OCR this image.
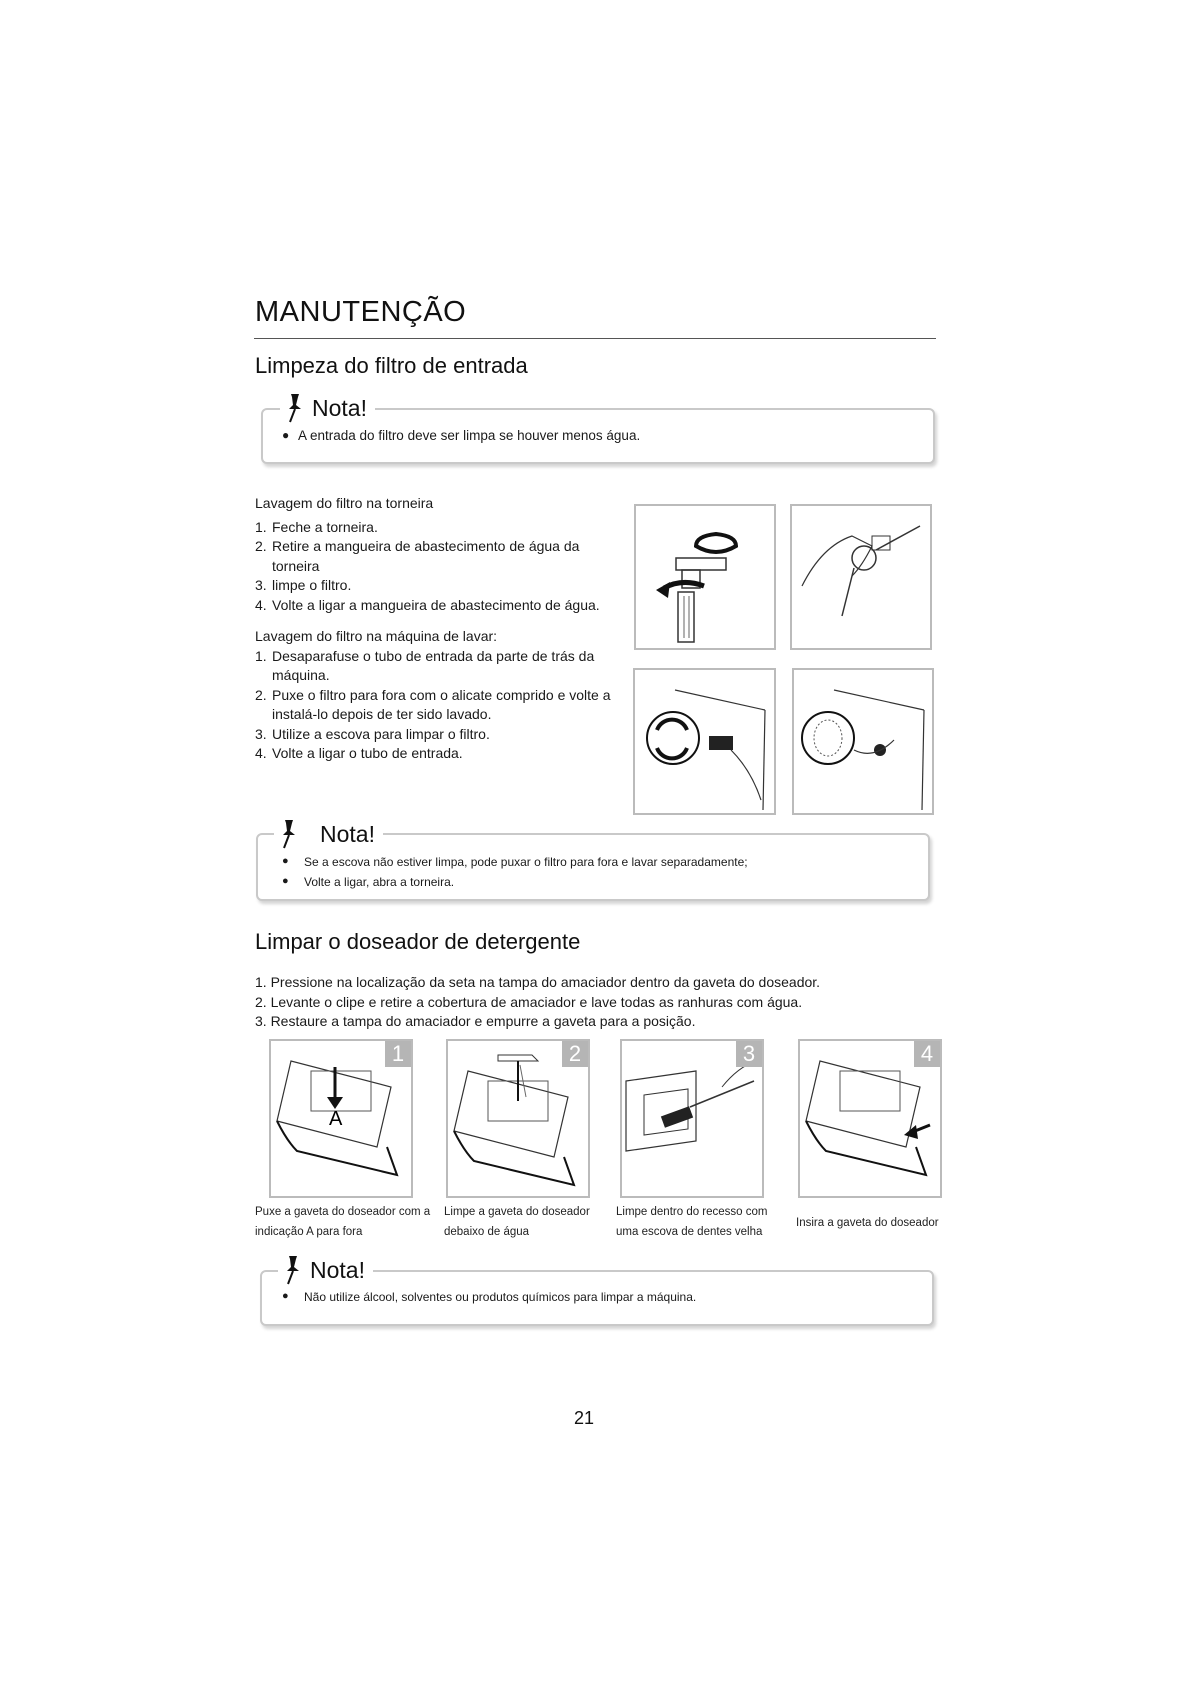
MANUTENÇÃO
Limpeza do filtro de entrada
Nota!
● A entrada do filtro deve ser limpa se houver menos água.
Lavagem do filtro na torneira
1. Feche a torneira.
2. Retire a mangueira de abastecimento de água da torneira
3. limpe o filtro.
4. Volte a ligar a mangueira de abastecimento de água.
Lavagem do filtro na máquina de lavar:
1. Desaparafuse o tubo de entrada da parte de trás da máquina.
2. Puxe o filtro para fora com o alicate comprido e volte a instalá-lo depois de ter sido lavado.
3. Utilize a escova para limpar o filtro.
4. Volte a ligar o tubo de entrada.
Nota!
●	Se a escova não estiver limpa, pode puxar o filtro para fora e lavar separadamente;
●	Volte a ligar, abra a torneira.
Limpar o doseador de detergente
1. Pressione na localização da seta na tampa do amaciador dentro da gaveta do doseador.
2. Levante o clipe e retire a cobertura de amaciador e lave todas as ranhuras com água.
3. Restaure a tampa do amaciador e empurre a gaveta para a posição.
A
1
Puxe a gaveta do doseador com a
indicação A para fora
2
Limpe a gaveta do doseador
debaixo de água
3
Limpe dentro do recesso com
uma escova de dentes velha
4
Insira a gaveta do doseador
Nota!
●	Não utilize álcool, solventes ou produtos químicos para limpar a máquina.
21
